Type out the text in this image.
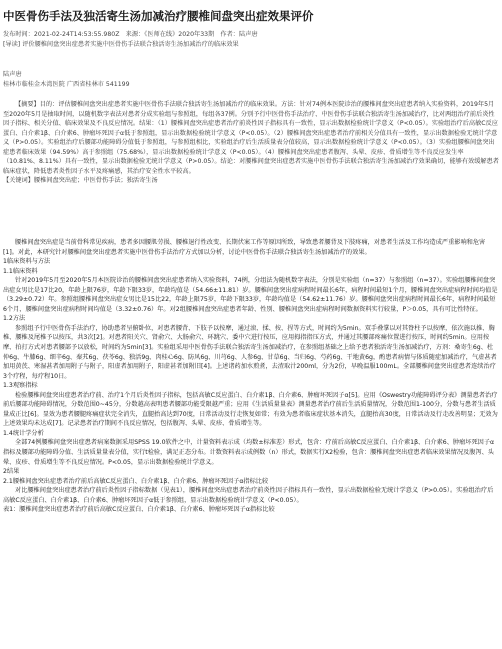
中医骨伤手法及独活寄生汤加减治疗腰椎间盘突出症效果评价
发布时间：2021-02-24T14:53:55.980Z　来源：《医师在线》2020年33期　作者：陆声唐
[导读] 评价腰椎间盘突出症患者实施中医骨伤手法联合独活寄生汤加减治疗的临床效果
陆声唐
桂林市临桂金木湾医院 广西省桂林市 541199

【摘要】目的：评估腰椎间盘突出症患者实施中医骨伤手法联合独活寄生汤加减治疗的临床效果。方法：针对74例本医院诊治的腰椎间盘突出症患者纳入实验资料，2019年5月至2020年5月是抽取时间，以随机数字表法对患者分成实验组与参照组，每组各37例。分别予行中医骨伤手法治疗、中医骨伤手法联合独活寄生汤加减治疗，比对两组治疗前后炎性因子指标、相关分值、临床效果及不良反应情况。结果：（1）腰椎间盘突出症患者治疗前炎性因子指标具有一致性，显示出数据检验统计学意义（P<0.05）。实验组治疗后高敏C反应蛋白、白介素1β、白介素6、肿瘤坏死因子α低于参照组，显示出数据检验统计学意义（P<0.05）。（2）腰椎间盘突出症患者治疗前相关分值具有一致性，显示出数据检验无统计学意义（P>0.05）。实验组治疗后腰部功能障碍分值低于参照组，与参照组相比，实验组治疗后生活质量表分值较高，显示出数据检验统计学意义（P<0.05）。（3）实验组腰椎间盘突出症患者临床效果（94.59%）高于参照组（75.68%），显示出数据检验统计学意义（P<0.05）。（4）腰椎间盘突出症患者腹泻、头晕、皮疹、骨质增生等不良反应发生率（10.81%、8.11%）具有一致性，显示出数据检验无统计学意义（P>0.05）。结论：对腰椎间盘突出症患者实施中医骨伤手法联合独活寄生汤加减治疗效果确切，能够有效缓解患者临床症状，降低患者炎性因子水平及疼痛感，其治疗安全性水平较高。

【关键词】腰椎间盘突出症；中医骨伤手法；独活寄生汤

腰椎间盘突出症是当前骨科常见疾病，患者多因腰肌劳损、腰椎退行性改变、长期伏案工作等原因所致，导致患者腰背及下肢疼痛，对患者生活及工作均造成严重影响和危害[1]。对此，本研究针对腰椎间盘突出症患者实施中医骨伤手法治疗方式加以分析，讨论中医骨伤手法联合独活寄生汤加减治疗的效果。

1临床资料与方法

1.1临床资料

针对2019年5月至2020年5月本医院诊治的腰椎间盘突出症患者纳入实验资料，74例，分组法为随机数字表法，分别是实验组（n=37）与参照组（n=37）。实验组腰椎间盘突出症女男比是17比20，年龄上限76岁，年龄下限33岁，年龄均值是（54.66±11.81）岁。腰椎间盘突出症病程时间最长6年，病程时间最短1个月，腰椎间盘突出症病程时间均值是（3.29±0.72）年。参照组腰椎间盘突出症女男比是15比22，年龄上限75岁，年龄下限33岁，年龄均值是（54.62±11.76）岁。腰椎间盘突出症病程时间最长6年，病程时间最短6个月，腰椎间盘突出症病程时间均值是（3.32±0.76）年。对2组腰椎间盘突出症患者年龄、性别、腰椎间盘突出症病程时间数据资料实行较量，P＞0.05，具有可比性特征。

1.2方法

参照组予行中医骨伤手法治疗，协助患者呈俯卧位，对患者腰背、下肢予以按摩，通过滚、揉、按、捏等方式，时间约为5min。双手叠掌以对其脊柱予以按摩，依次施以推、胸椎、腰椎及尾椎予以按压，共3次[2]。对患者阳关穴、肾俞穴、大肠俞穴、环跳穴、委中穴进行按压，应用拇指指压方式，并通过其腰部疼痛位置进行按压，时间约5min。应用按摩、拍打方式对患者腰部予以放松，时间约为5min[3]。实验组采用中医骨伤手法联合独活寄生汤加减治疗，在参照组基础之上给予患者独活寄生汤加减治疗，方剂：桑寄生6g、杜仲6g、牛膝6g、细辛6g、秦艽6g、茯苓6g、独活9g、肉桂心6g、防风6g、川芎6g、人参6g、甘草6g、当归6g、芍药6g、干地黄6g，酌患者病情与体质随症加减治疗，气虚甚者加用黄芪、寒湿甚者加用附子与附子，阳虚者加用附子，阳虚甚者加附旧[4]。上述诸药加水煎煮，去渣取汁200ml，分为2份，早晚温服100mL。全部腰椎间盘突出症患者连续治疗3个疗程，每疗程10日。

1.3观察指标

检验腰椎间盘突出症患者治疗前、治疗1个月后炎性因子指标，包括高敏C反应蛋白、白介素1β、白介素6、肿瘤坏死因子α[5]。应用《Oswestry功能障碍评分表》测量患者治疗前后腰部功能障碍情况，分数范围0~45分，分数越高表明患者腰部功能受限越严重；应用《生活质量量表》测量患者治疗前后生活质量情况，分数范围1-100分，分数与患者生活质量成正比[6]。显效为患者腰腿疼痛症状完全消失，直腿抬高达到70度，日常活动及行走恢复如常；有效为患者临床症状基本消失，直腿抬高30度，日常活动及行走改善明显；无效为上述效果均未达成[7]。记录患者治疗期间不良反应情况，包括腹泻、头晕、皮疹、骨质增生等。

1.4统计学分析

全部74例腰椎间盘突出症患者病案数据采用SPSS 19.0软件之中，计量资料表示成（均数±标准差）形式，包含：疗前后高敏C反应蛋白、白介素1β、白介素6、肿瘤坏死因子α指标及腰部功能障碍分值、生活质量量表分值，实行t检验，满足正态分布。计数资料表示成例数（n）形式，数据实行X2检验，包含：腰椎间盘突出症患者临床效果情况及腹泻、头晕、皮疹、骨质增生等不良反应情况。P<0.05，显示出数据检验统计学意义。

2结果

2.1腰椎间盘突出症患者治疗前后高敏C反应蛋白、白介素1β、白介素6、肿瘤坏死因子α指标比较

对比腰椎间盘突出症患者治疗前后炎性因子指标数据（见表1），腰椎间盘突出症患者治疗前炎性因子指标具有一致性，显示出数据检验无统计学意义（P>0.05）。实验组治疗后高敏C反应蛋白、白介素1β、白介素6、肿瘤坏死因子α低于参照组，显示出数据检验统计学意义（P<0.05）。

表1：腰椎间盘突出症患者治疗前后高敏C反应蛋白、白介素1β、白介素6、肿瘤坏死因子α指标比较
